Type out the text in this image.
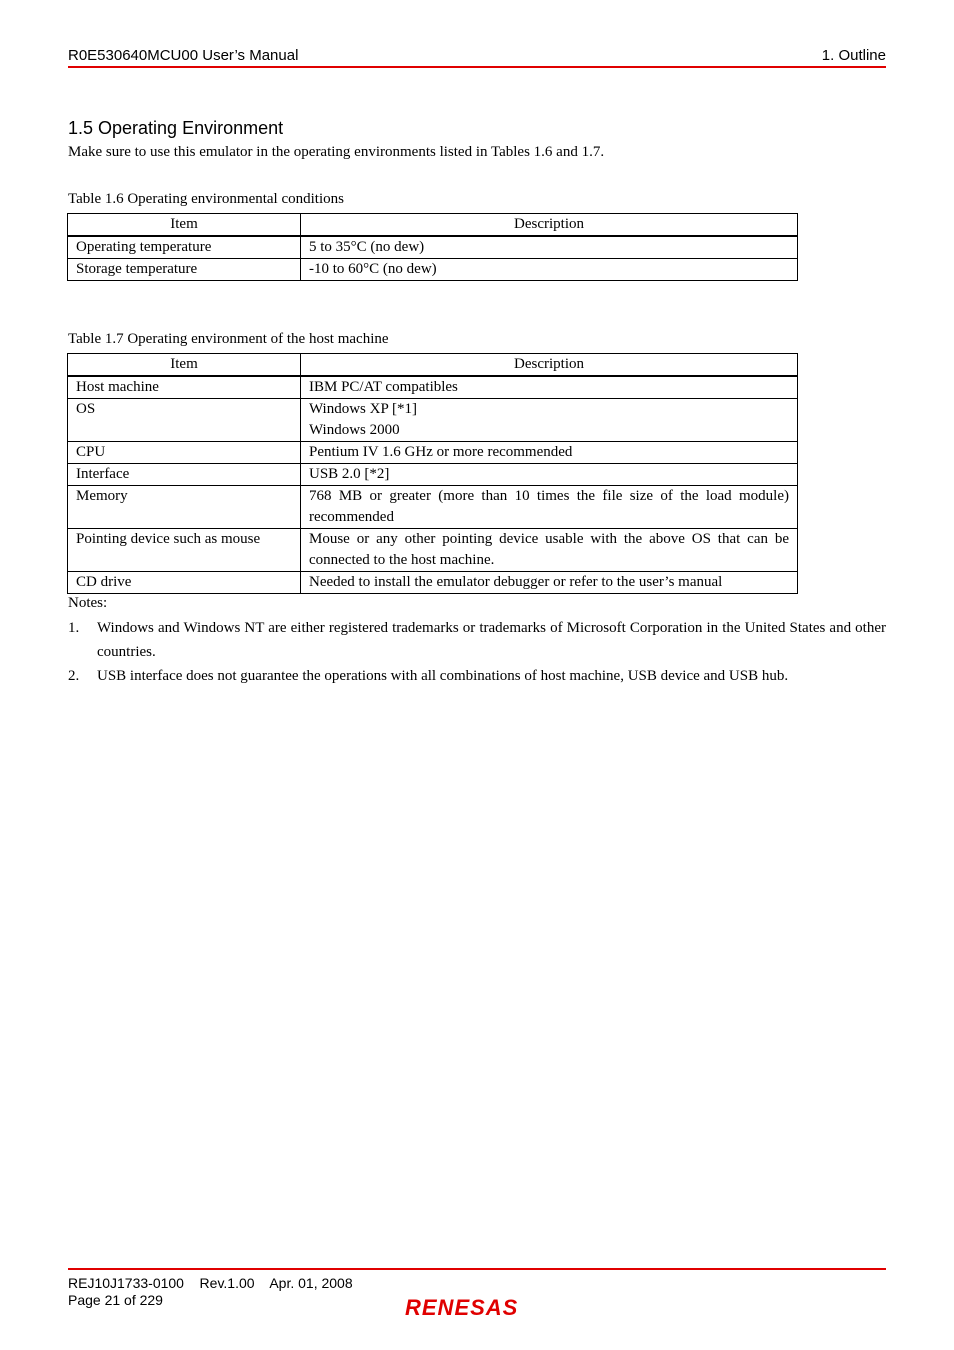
R0E530640MCU00 User’s Manual	1. Outline
1.5 Operating Environment
Make sure to use this emulator in the operating environments listed in Tables 1.6 and 1.7.
Table 1.6 Operating environmental conditions
Item	Description
Operating temperature	5 to 35°C (no dew)
Storage temperature	-10 to 60°C (no dew)
Table 1.7 Operating environment of the host machine
Item	Description
Host machine	IBM PC/AT compatibles
OS	Windows XP [*1]
Windows 2000

CPU	Pentium IV 1.6 GHz or more recommended
Interface	USB 2.0 [*2]
Memory	768 MB or greater (more than 10 times the file size of the load module) recommended
Pointing device such as mouse	Mouse or any other pointing device usable with the above OS that can be connected to the host machine.
CD drive	Needed to install the emulator debugger or refer to the user’s manual
Notes:
1. Windows and Windows NT are either registered trademarks or trademarks of Microsoft Corporation in the United States and other countries.
2. USB interface does not guarantee the operations with all combinations of host machine, USB device and USB hub.
REJ10J1733-0100 Rev.1.00 Apr. 01, 2008
Page 21 of 229	RENESAS
